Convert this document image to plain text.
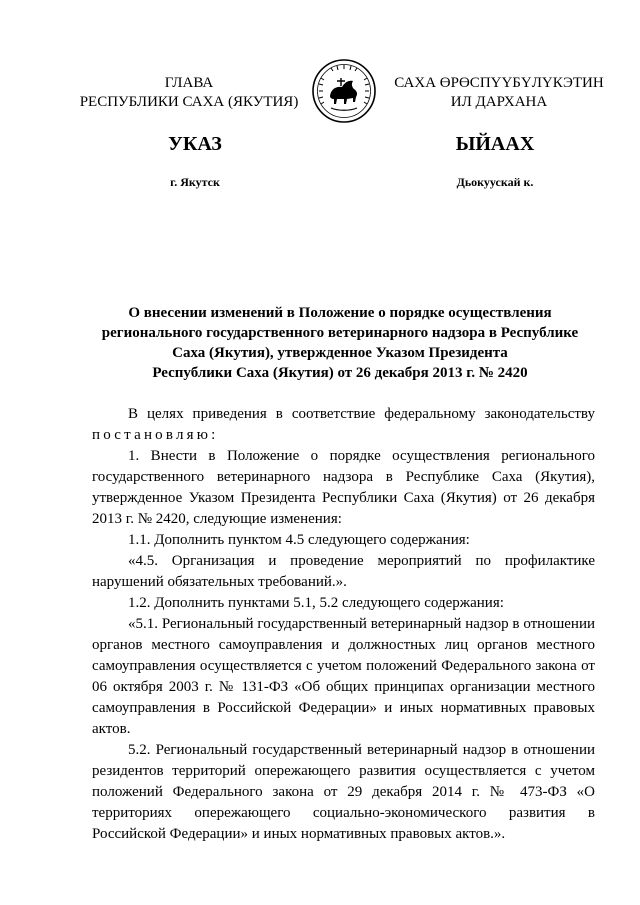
ГЛАВА
РЕСПУБЛИКИ САХА (ЯКУТИЯ)
САХА ӨРӨСПҮҮБҮЛҮКЭТИН
ИЛ ДАРХАНА
УКАЗ	ЫЙААХ
г. Якутск	Дьокуускай к.
О внесении изменений в Положение о порядке осуществления
регионального государственного ветеринарного надзора в Республике
Саха (Якутия), утвержденное Указом Президента
Республики Саха (Якутия) от 26 декабря 2013 г. № 2420

В целях приведения в соответствие федеральному законодательству постановляю:

1. Внести в Положение о порядке осуществления регионального государственного ветеринарного надзора в Республике Саха (Якутия), утвержденное Указом Президента Республики Саха (Якутия) от 26 декабря 2013 г. № 2420, следующие изменения:

1.1. Дополнить пунктом 4.5 следующего содержания:

«4.5. Организация и проведение мероприятий по профилактике нарушений обязательных требований.».

1.2. Дополнить пунктами 5.1, 5.2 следующего содержания:

«5.1. Региональный государственный ветеринарный надзор в отношении органов местного самоуправления и должностных лиц органов местного самоуправления осуществляется с учетом положений Федерального закона от 06 октября 2003 г. № 131-ФЗ «Об общих принципах организации местного самоуправления в Российской Федерации» и иных нормативных правовых актов.

5.2. Региональный государственный ветеринарный надзор в отношении резидентов территорий опережающего развития осуществляется с учетом положений Федерального закона от 29 декабря 2014 г. № 473-ФЗ «О территориях опережающего социально-экономического развития в Российской Федерации» и иных нормативных правовых актов.».
